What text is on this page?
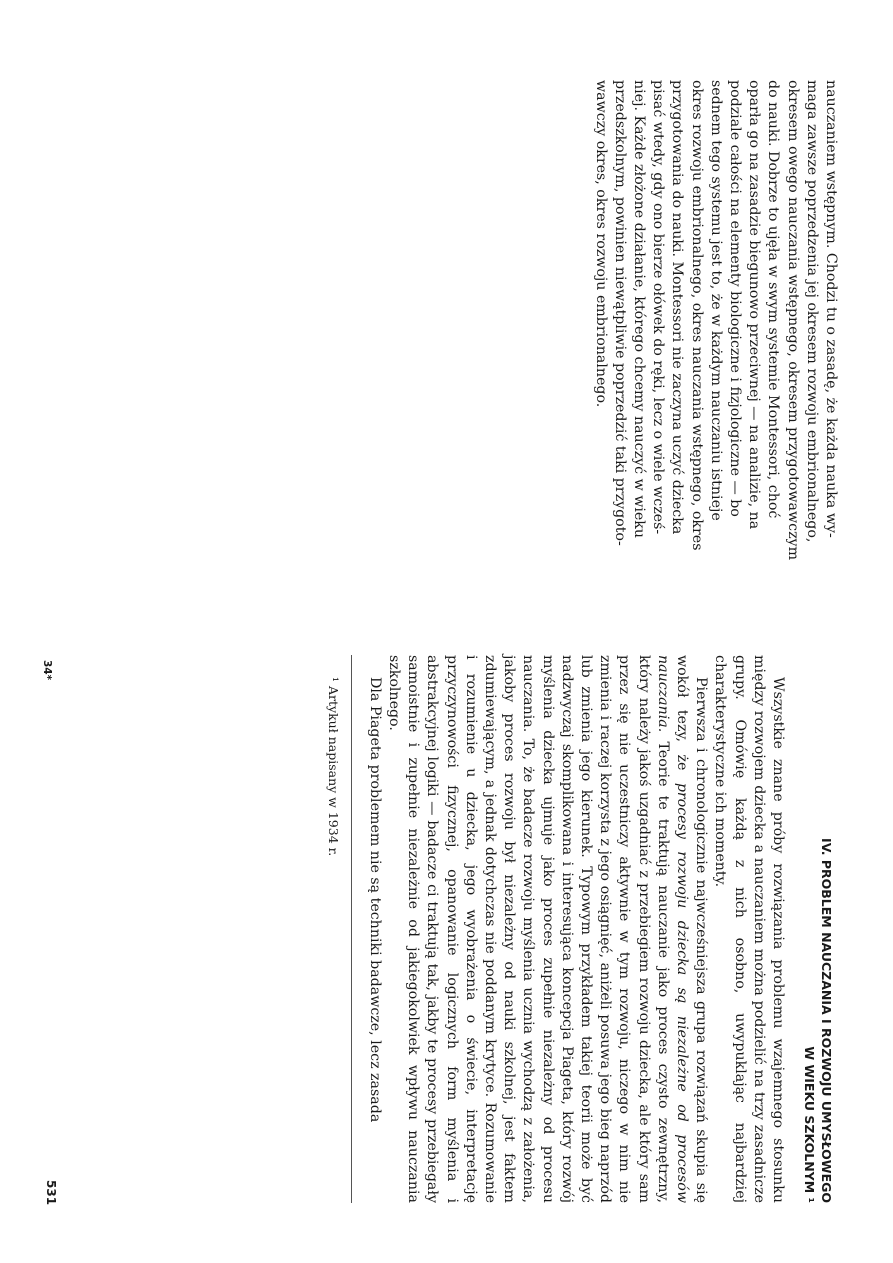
nauczaniem wstępnym. Chodzi tu o zasadę, że każda nauka wy-

maga zawsze poprzedzenia jej okresem rozwoju embrionalnego,

okresem owego nauczania wstępnego, okresem przygotowawczym

do nauki. Dobrze to ujęła w swym systemie Montessori, choć

oparła go na zasadzie biegunowo przeciwnej — na analizie, na

podziale całości na elementy biologiczne i fizjologiczne — bo

sednem tego systemu jest to, że w każdym nauczaniu istnieje

okres rozwoju embrionalnego, okres nauczania wstępnego, okres

przygotowania do nauki. Montessori nie zaczyna uczyć dziecka

pisać wtedy, gdy ono bierze ołówek do ręki, lecz o wiele wcześ-

niej. Każde złożone działanie, którego chcemy nauczyć w wieku

przedszkolnym, powinien niewątpliwie poprzedzić taki przygoto-

wawczy okres, okres rozwoju embrionalnego.

IV. PROBLEM NAUCZANIA I ROZWOJU UMYSŁOWEGO
W WIEKU SZKOLNYM ¹

Wszystkie znane próby rozwiązania problemu wzajemnego stosunku między rozwojem dziecka a nauczaniem można podzielić na trzy zasadnicze grupy. Omówię każdą z nich osobno, uwypuklając najbardziej charakterystyczne ich momenty.

Pierwsza i chronologicznie najwcześniejsza grupa rozwiązań skupia się wokół tezy, że procesy rozwoju dziecka są niezależne od procesów nauczania. Teorie te traktują nauczanie jako proces czysto zewnętrzny, który należy jakoś uzgadniać z przebiegiem rozwoju dziecka, ale który sam przez się nie uczestniczy aktywnie w tym rozwoju, niczego w nim nie zmienia i raczej korzysta z jego osiągnięć, aniżeli posuwa jego bieg naprzód lub zmienia jego kierunek. Typowym przykładem takiej teorii może być nadzwyczaj skomplikowana i interesująca koncepcja Piageta, który rozwój myślenia dziecka ujmuje jako proces zupełnie niezależny od procesu nauczania. To, że badacze rozwoju myślenia ucznia wychodzą z założenia, jakoby proces rozwoju był niezależny od nauki szkolnej, jest faktem zdumiewającym, a jednak dotychczas nie poddanym krytyce. Rozumowanie i rozumienie u dziecka, jego wyobrażenia o świecie, interpretację przyczynowości fizycznej, opanowanie logicznych form myślenia i abstrakcyjnej logiki — badacze ci traktują tak, jakby te procesy przebiegały samoistnie i zupełnie niezależnie od jakiegokolwiek wpływu nauczania szkolnego.

Dla Piageta problemem nie są techniki badawcze, lecz zasada

¹ Artykuł napisany w 1934 r.

34*
531
